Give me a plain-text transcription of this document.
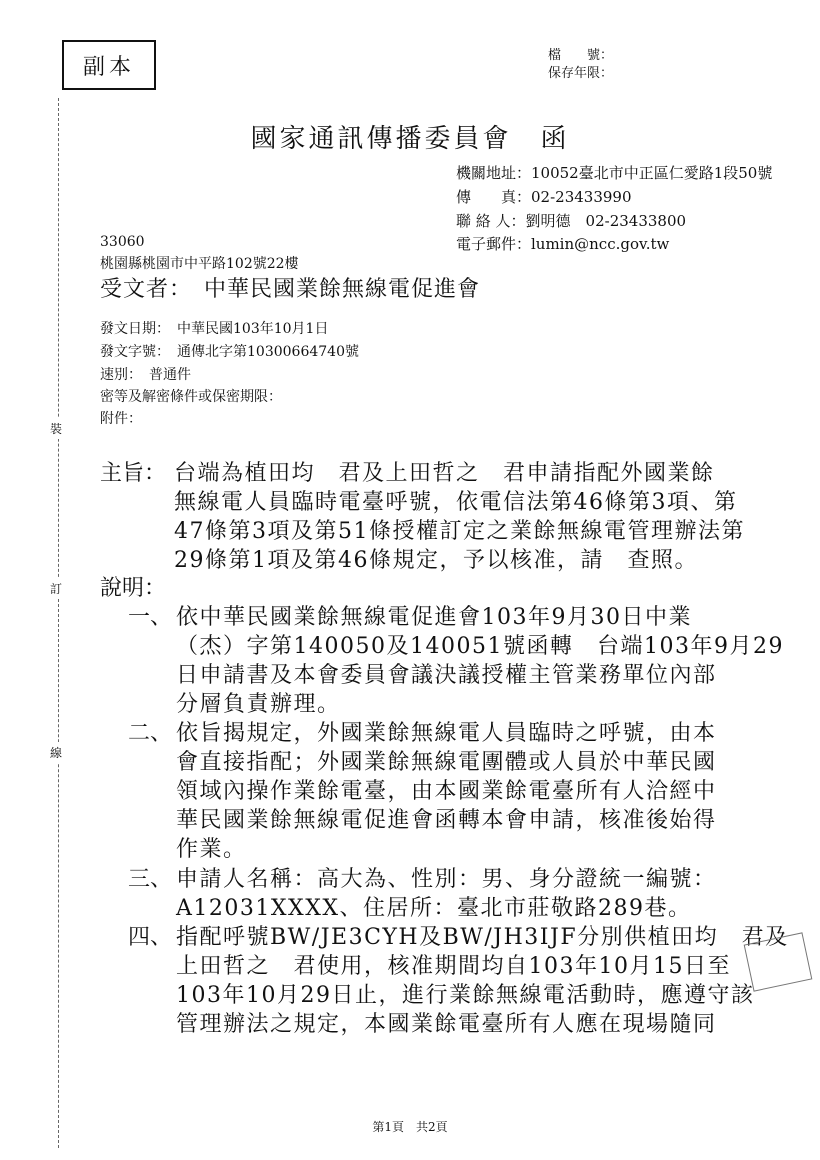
副本	檔　　號：
保存年限：
國家通訊傳播委員會　函
機關地址：10052臺北市中正區仁愛路1段50號
傳　　真：02-23433990
聯 絡 人：劉明德　02-23433800
電子郵件：lumin@ncc.gov.tw
33060
桃園縣桃園市中平路102號22樓
受文者：　中華民國業餘無線電促進會
發文日期：　中華民國103年10月1日
發文字號：　通傳北字第10300664740號
速別：　普通件
密等及解密條件或保密期限：
附件：
裝
訂
線
主旨： 台端為植田均　君及上田哲之　君申請指配外國業餘
無線電人員臨時電臺呼號，依電信法第46條第3項、第
47條第3項及第51條授權訂定之業餘無線電管理辦法第
29條第1項及第46條規定，予以核准，請　查照。
說明：
一、 依中華民國業餘無線電促進會103年9月30日中業
（杰）字第140050及140051號函轉　台端103年9月29
日申請書及本會委員會議決議授權主管業務單位內部
分層負責辦理。
二、 依旨揭規定，外國業餘無線電人員臨時之呼號，由本
會直接指配；外國業餘無線電團體或人員於中華民國
領域內操作業餘電臺，由本國業餘電臺所有人洽經中
華民國業餘無線電促進會函轉本會申請，核准後始得
作業。
三、 申請人名稱：高大為、性別：男、身分證統一編號：
A12031XXXX、住居所：臺北市莊敬路289巷。
四、 指配呼號BW/JE3CYH及BW/JH3IJF分別供植田均　君及
上田哲之　君使用，核准期間均自103年10月15日至
103年10月29日止，進行業餘無線電活動時，應遵守該
管理辦法之規定，本國業餘電臺所有人應在現場隨同
第1頁　共2頁
